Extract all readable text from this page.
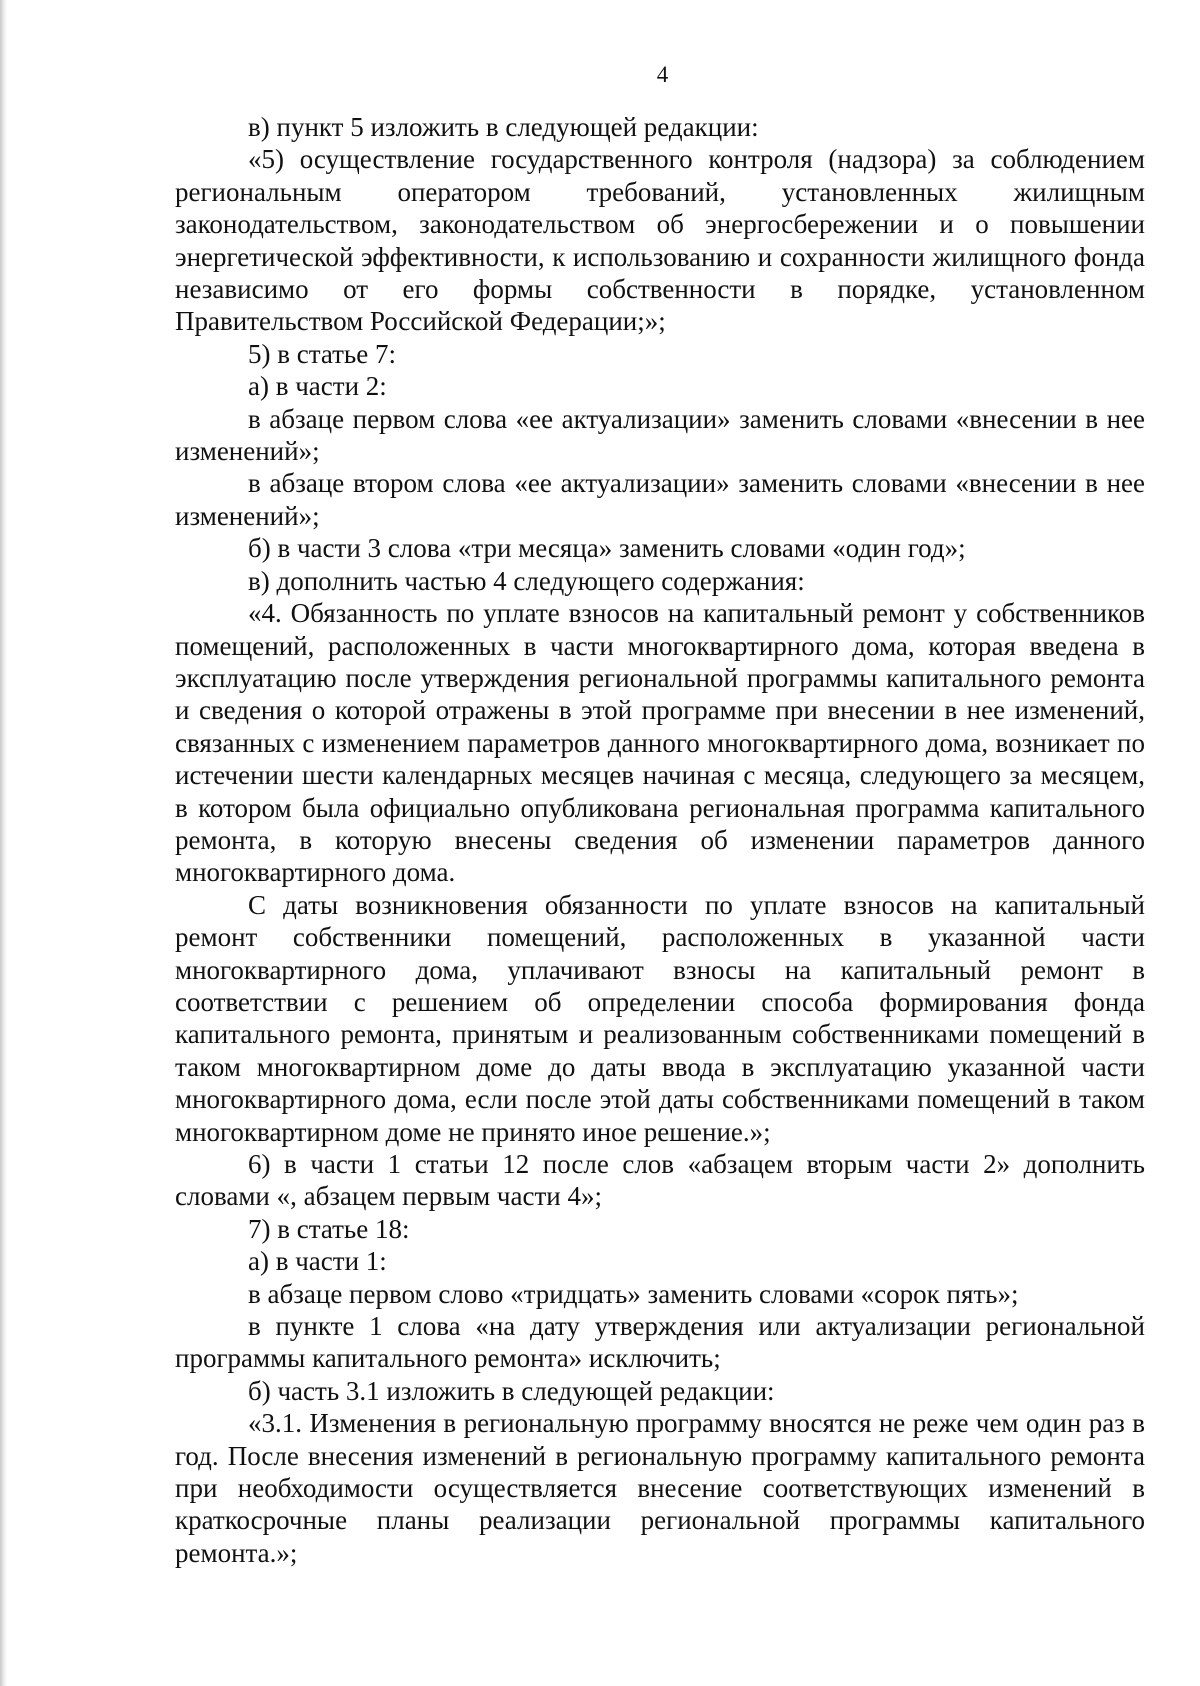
4

в) пункт 5 изложить в следующей редакции:

«5) осуществление государственного контроля (надзора) за соблюдением региональным оператором требований, установленных жилищным законодательством, законодательством об энергосбережении и о повышении энергетической эффективности, к использованию и сохранности жилищного фонда независимо от его формы собственности в порядке, установленном Правительством Российской Федерации;»;

5) в статье 7:

а) в части 2:

в абзаце первом слова «ее актуализации» заменить словами «внесении в нее изменений»;

в абзаце втором слова «ее актуализации» заменить словами «внесении в нее изменений»;

б) в части 3 слова «три месяца» заменить словами «один год»;

в) дополнить частью 4 следующего содержания:

«4. Обязанность по уплате взносов на капитальный ремонт у собственников помещений, расположенных в части многоквартирного дома, которая введена в эксплуатацию после утверждения региональной программы капитального ремонта и сведения о которой отражены в этой программе при внесении в нее изменений, связанных с изменением параметров данного многоквартирного дома, возникает по истечении шести календарных месяцев начиная с месяца, следующего за месяцем, в котором была официально опубликована региональная программа капитального ремонта, в которую внесены сведения об изменении параметров данного многоквартирного дома.

С даты возникновения обязанности по уплате взносов на капитальный ремонт собственники помещений, расположенных в указанной части многоквартирного дома, уплачивают взносы на капитальный ремонт в соответствии с решением об определении способа формирования фонда капитального ремонта, принятым и реализованным собственниками помещений в таком многоквартирном доме до даты ввода в эксплуатацию указанной части многоквартирного дома, если после этой даты собственниками помещений в таком многоквартирном доме не принято иное решение.»;

6) в части 1 статьи 12 после слов «абзацем вторым части 2» дополнить словами «, абзацем первым части 4»;

7) в статье 18:

а) в части 1:

в абзаце первом слово «тридцать» заменить словами «сорок пять»;

в пункте 1 слова «на дату утверждения или актуализации региональной программы капитального ремонта» исключить;

б) часть 3.1 изложить в следующей редакции:

«3.1. Изменения в региональную программу вносятся не реже чем один раз в год. После внесения изменений в региональную программу капитального ремонта при необходимости осуществляется внесение соответствующих изменений в краткосрочные планы реализации региональной программы капитального ремонта.»;
